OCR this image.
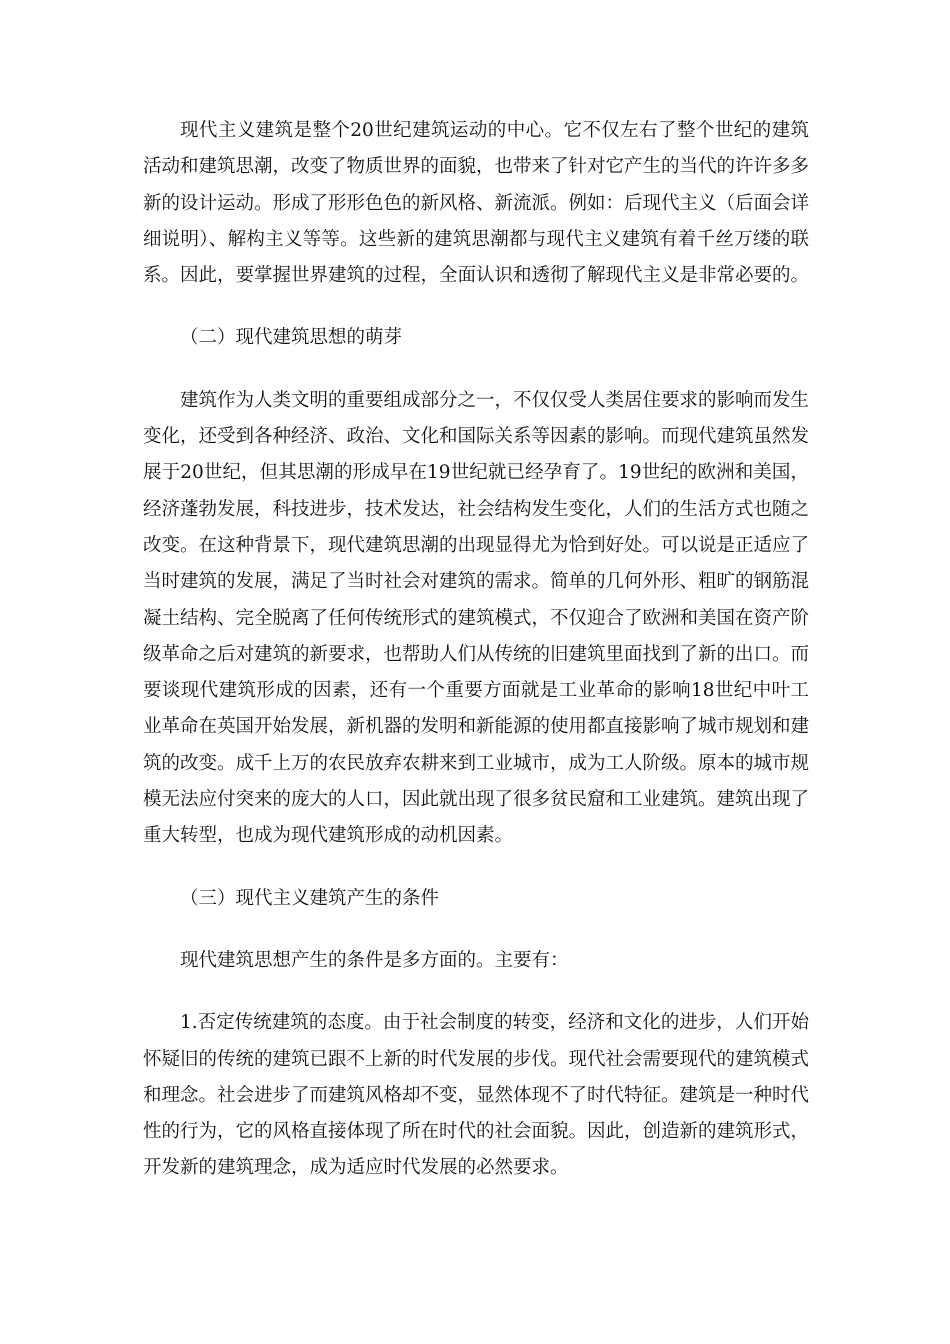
现代主义建筑是整个20世纪建筑运动的中心。它不仅左右了整个世纪的建筑活动和建筑思潮，改变了物质世界的面貌，也带来了针对它产生的当代的许许多多新的设计运动。形成了形形色色的新风格、新流派。例如：后现代主义（后面会详细说明）、解构主义等等。这些新的建筑思潮都与现代主义建筑有着千丝万缕的联系。因此，要掌握世界建筑的过程，全面认识和透彻了解现代主义是非常必要的。

（二）现代建筑思想的萌芽

建筑作为人类文明的重要组成部分之一，不仅仅受人类居住要求的影响而发生变化，还受到各种经济、政治、文化和国际关系等因素的影响。而现代建筑虽然发展于20世纪，但其思潮的形成早在19世纪就已经孕育了。19世纪的欧洲和美国，经济蓬勃发展，科技进步，技术发达，社会结构发生变化，人们的生活方式也随之改变。在这种背景下，现代建筑思潮的出现显得尤为恰到好处。可以说是正适应了当时建筑的发展，满足了当时社会对建筑的需求。简单的几何外形、粗旷的钢筋混凝土结构、完全脱离了任何传统形式的建筑模式，不仅迎合了欧洲和美国在资产阶级革命之后对建筑的新要求，也帮助人们从传统的旧建筑里面找到了新的出口。而要谈现代建筑形成的因素，还有一个重要方面就是工业革命的影响18世纪中叶工业革命在英国开始发展，新机器的发明和新能源的使用都直接影响了城市规划和建筑的改变。成千上万的农民放弃农耕来到工业城市，成为工人阶级。原本的城市规模无法应付突来的庞大的人口，因此就出现了很多贫民窟和工业建筑。建筑出现了重大转型，也成为现代建筑形成的动机因素。

（三）现代主义建筑产生的条件

现代建筑思想产生的条件是多方面的。主要有：

1.否定传统建筑的态度。由于社会制度的转变，经济和文化的进步，人们开始怀疑旧的传统的建筑已跟不上新的时代发展的步伐。现代社会需要现代的建筑模式和理念。社会进步了而建筑风格却不变，显然体现不了时代特征。建筑是一种时代性的行为，它的风格直接体现了所在时代的社会面貌。因此，创造新的建筑形式，开发新的建筑理念，成为适应时代发展的必然要求。
